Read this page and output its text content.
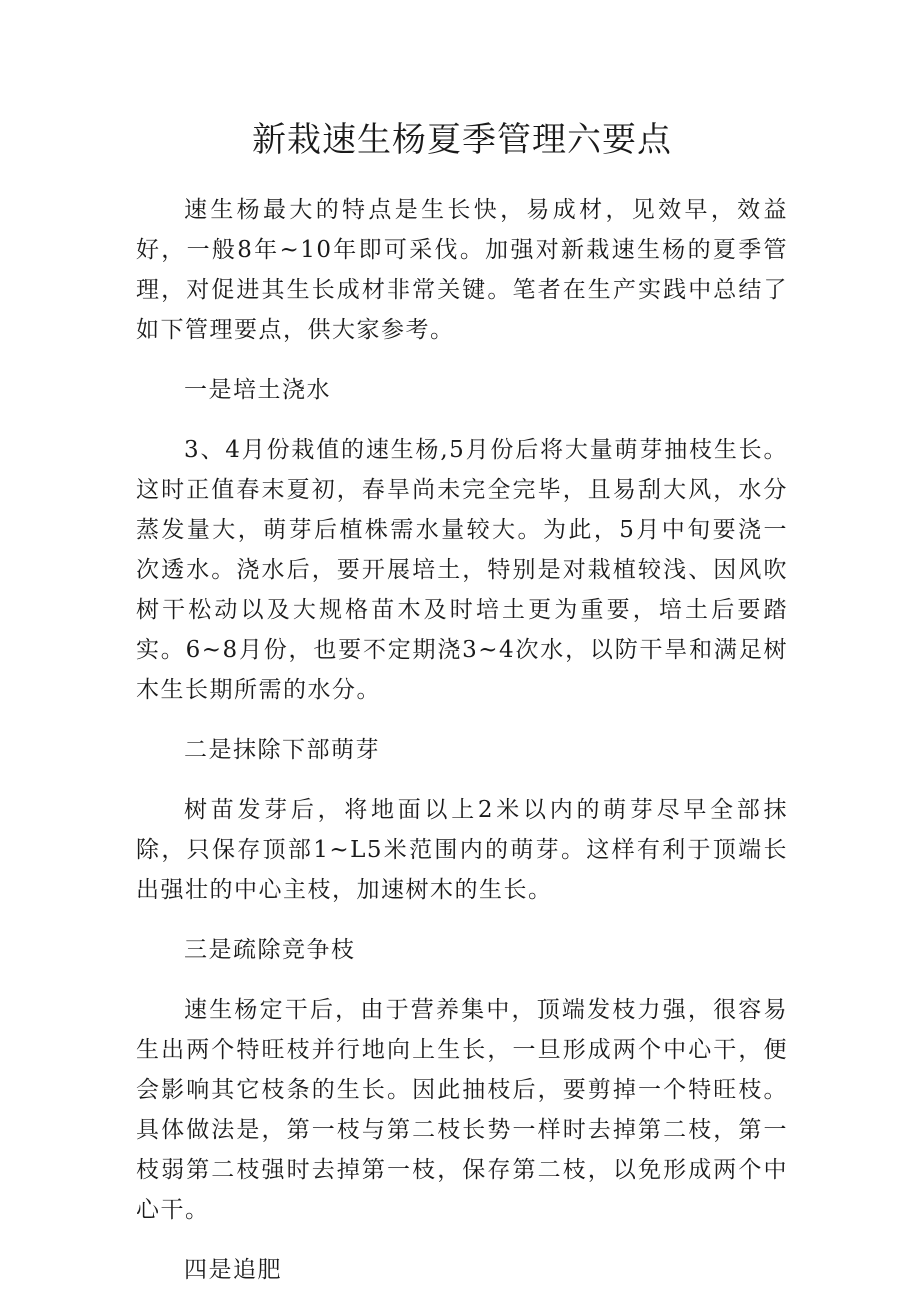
新栽速生杨夏季管理六要点

速生杨最大的特点是生长快，易成材，见效早，效益好，一般8年~10年即可采伐。加强对新栽速生杨的夏季管理，对促进其生长成材非常关键。笔者在生产实践中总结了如下管理要点，供大家参考。

一是培土浇水

3、4月份栽值的速生杨,5月份后将大量萌芽抽枝生长。这时正值春末夏初，春旱尚未完全完毕，且易刮大风，水分蒸发量大，萌芽后植株需水量较大。为此，5月中旬要浇一次透水。浇水后，要开展培土，特别是对栽植较浅、因风吹树干松动以及大规格苗木及时培土更为重要，培土后要踏实。6~8月份，也要不定期浇3~4次水，以防干旱和满足树木生长期所需的水分。

二是抹除下部萌芽

树苗发芽后，将地面以上2米以内的萌芽尽早全部抹除，只保存顶部1~L5米范围内的萌芽。这样有利于顶端长出强壮的中心主枝，加速树木的生长。

三是疏除竞争枝

速生杨定干后，由于营养集中，顶端发枝力强，很容易生出两个特旺枝并行地向上生长，一旦形成两个中心干，便会影响其它枝条的生长。因此抽枝后，要剪掉一个特旺枝。具体做法是，第一枝与第二枝长势一样时去掉第二枝，第一枝弱第二枝强时去掉第一枝，保存第二枝，以免形成两个中心干。

四是追肥
